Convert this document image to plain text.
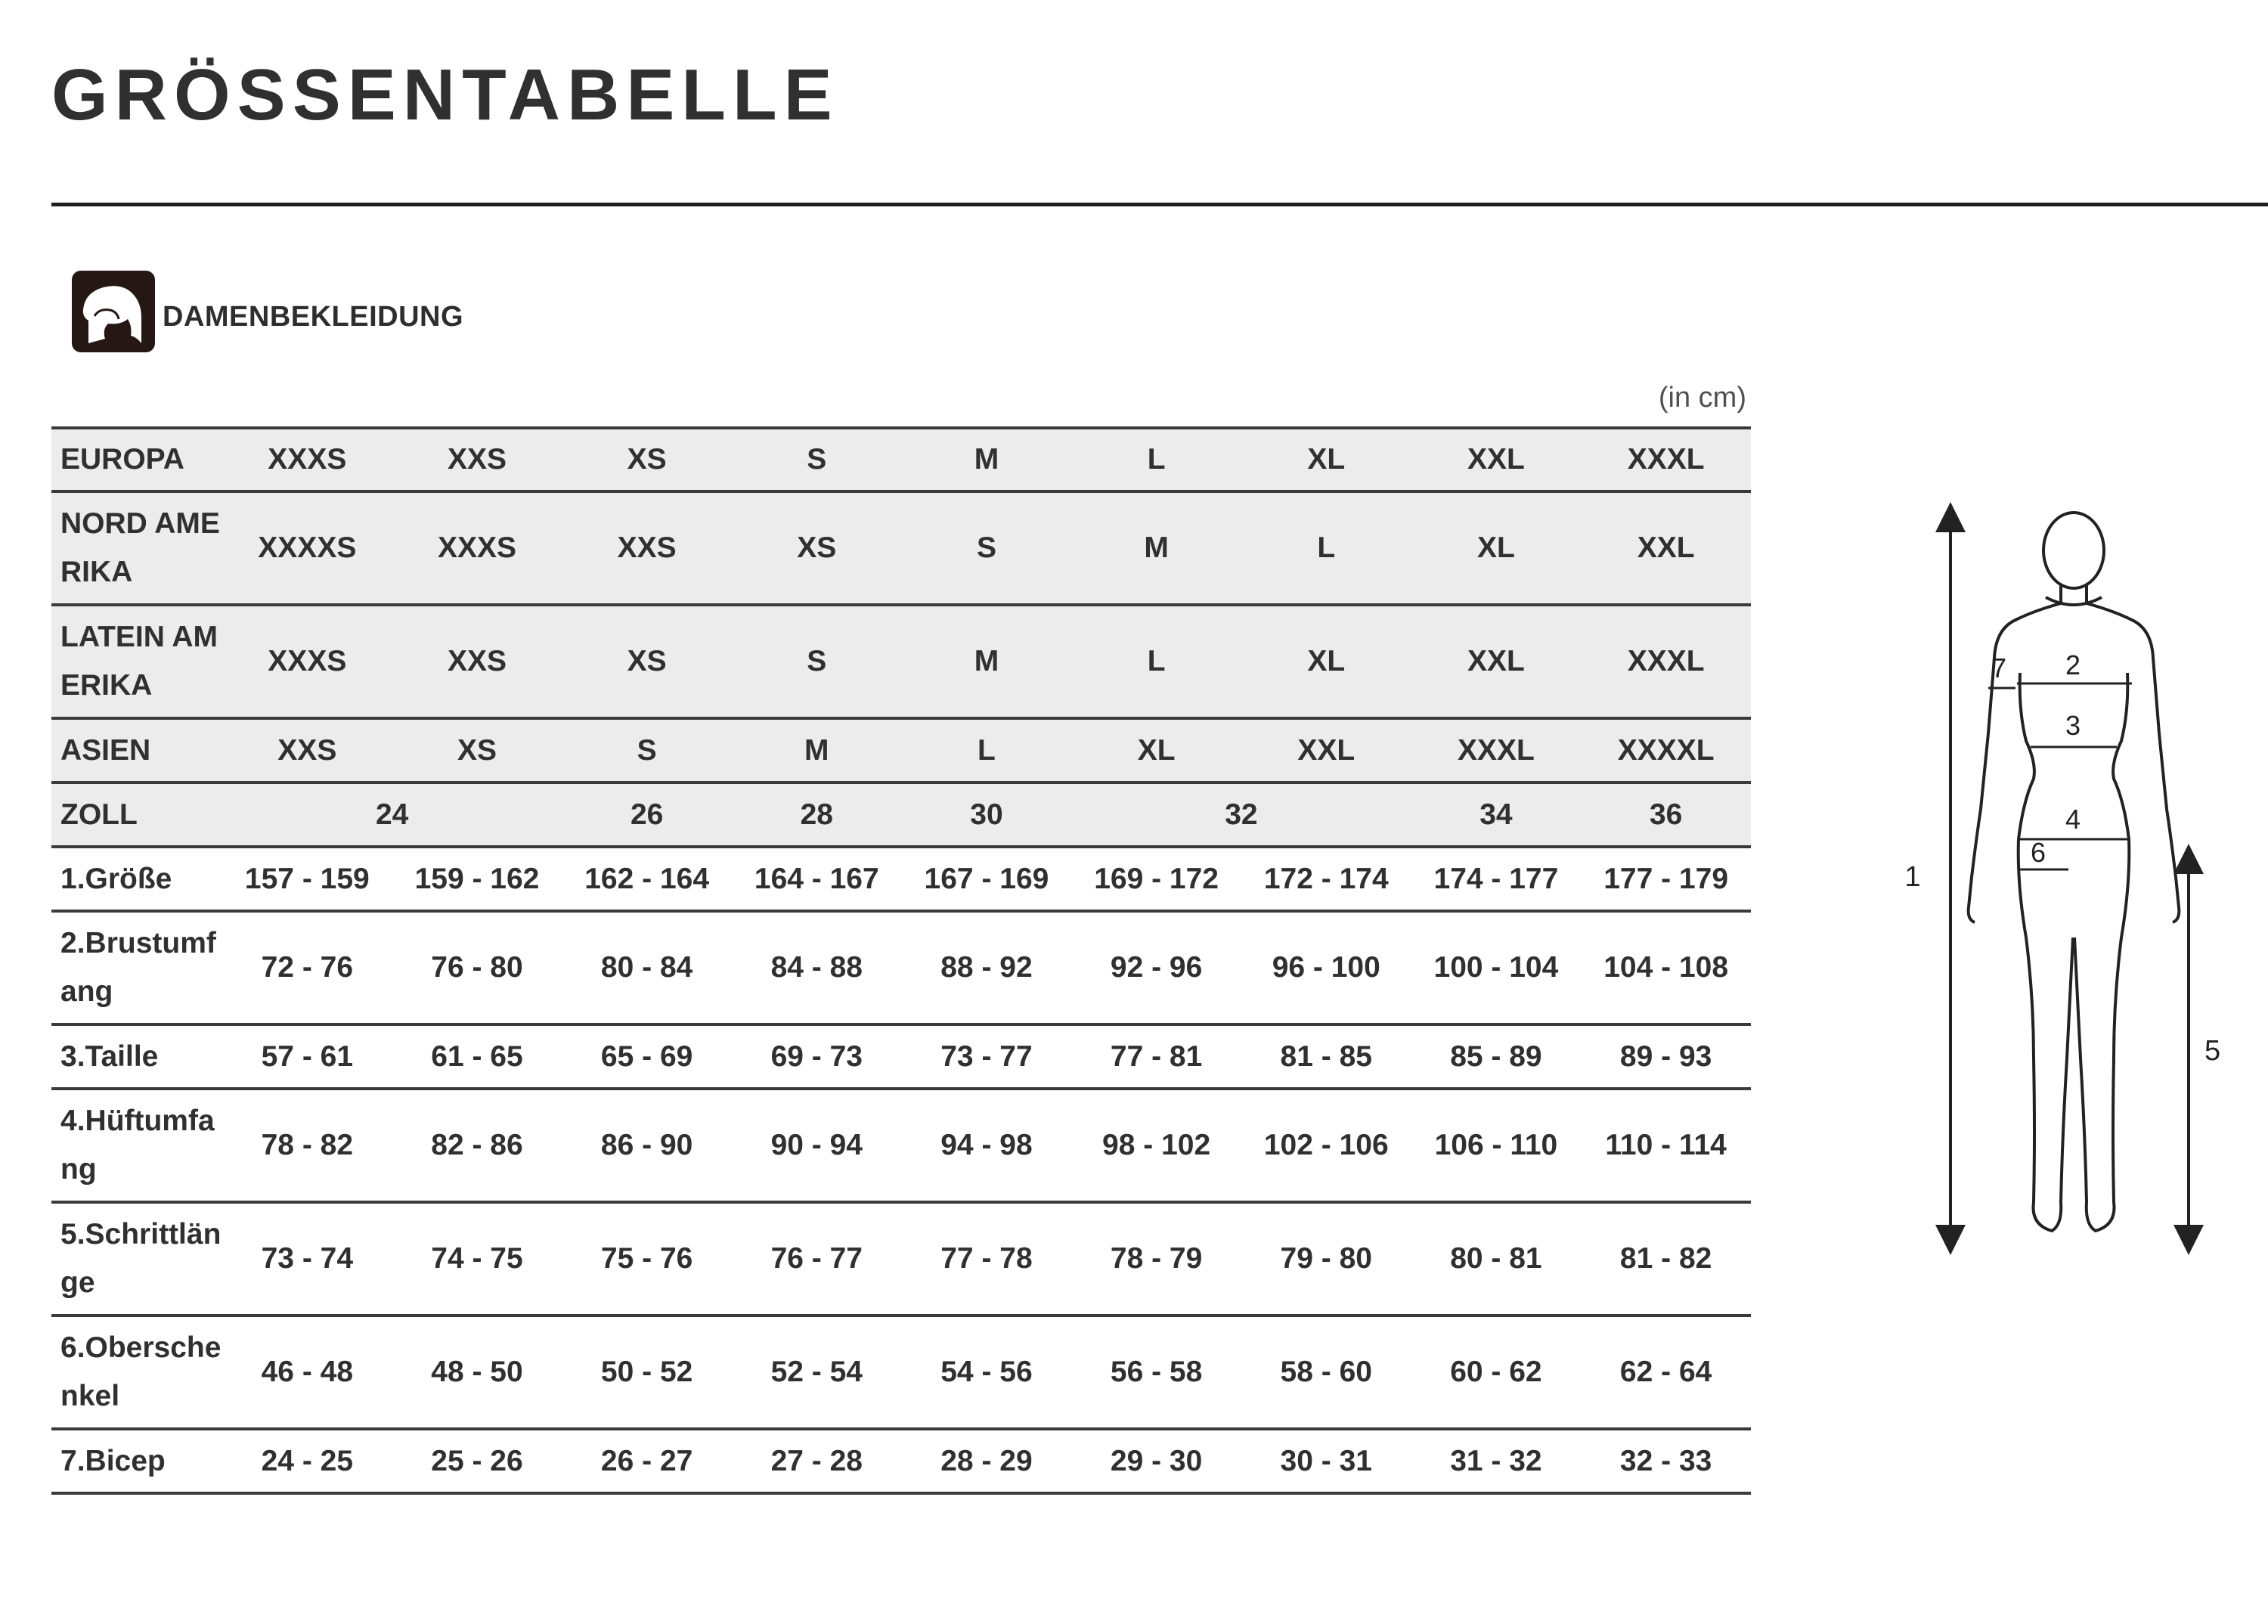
GRÖSSENTABELLE
DAMENBEKLEIDUNG
(in cm)
EUROPA	XXXS	XXS	XS	S	M	L	XL	XXL	XXXL
NORD AMERIKA	XXXXS	XXXS	XXS	XS	S	M	L	XL	XXL
LATEIN AMERIKA	XXXS	XXS	XS	S	M	L	XL	XXL	XXXL
ASIEN	XXS	XS	S	M	L	XL	XXL	XXXL	XXXXL
ZOLL	24		26	28	30	32		34	36
1.Größe	157 - 159	159 - 162	162 - 164	164 - 167	167 - 169	169 - 172	172 - 174	174 - 177	177 - 179
2.Brustumfang	72 - 76	76 - 80	80 - 84	84 - 88	88 - 92	92 - 96	96 - 100	100 - 104	104 - 108
3.Taille	57 - 61	61 - 65	65 - 69	69 - 73	73 - 77	77 - 81	81 - 85	85 - 89	89 - 93
4.Hüftumfang	78 - 82	82 - 86	86 - 90	90 - 94	94 - 98	98 - 102	102 - 106	106 - 110	110 - 114
5.Schrittlänge	73 - 74	74 - 75	75 - 76	76 - 77	77 - 78	78 - 79	79 - 80	80 - 81	81 - 82
6.Oberschenkel	46 - 48	48 - 50	50 - 52	52 - 54	54 - 56	56 - 58	58 - 60	60 - 62	62 - 64
7.Bicep	24 - 25	25 - 26	26 - 27	27 - 28	28 - 29	29 - 30	30 - 31	31 - 32	32 - 33
1
5
2
3
4
6
7
